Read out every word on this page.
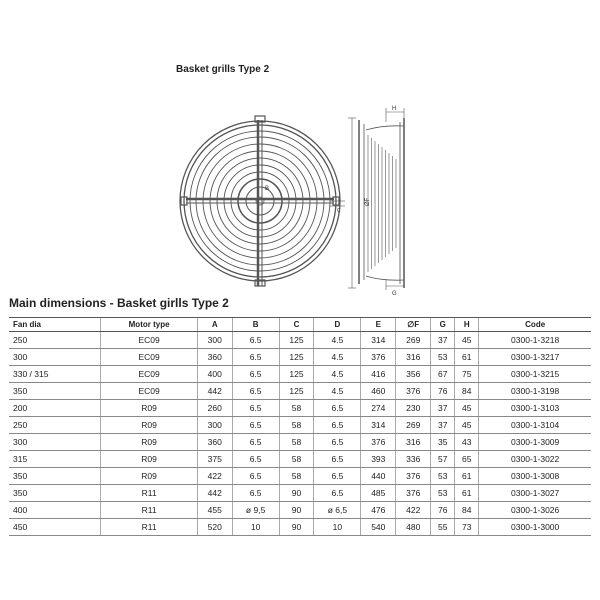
Basket grills Type 2
B
C
H
G
ØF
Main dimensions - Basket girlls Type 2
Fan dia	Motor type	A	B	C	D	E	∅F	G	H	Code
250	EC09	300	6.5	125	4.5	314	269	37	45	0300-1-3218
300	EC09	360	6.5	125	4.5	376	316	53	61	0300-1-3217
330 / 315	EC09	400	6.5	125	4.5	416	356	67	75	0300-1-3215
350	EC09	442	6.5	125	4.5	460	376	76	84	0300-1-3198
200	R09	260	6.5	58	6.5	274	230	37	45	0300-1-3103
250	R09	300	6.5	58	6.5	314	269	37	45	0300-1-3104
300	R09	360	6.5	58	6.5	376	316	35	43	0300-1-3009
315	R09	375	6.5	58	6.5	393	336	57	65	0300-1-3022
350	R09	422	6.5	58	6.5	440	376	53	61	0300-1-3008
350	R11	442	6.5	90	6.5	485	376	53	61	0300-1-3027
400	R11	455	ø 9,5	90	ø 6,5	476	422	76	84	0300-1-3026
450	R11	520	10	90	10	540	480	55	73	0300-1-3000
